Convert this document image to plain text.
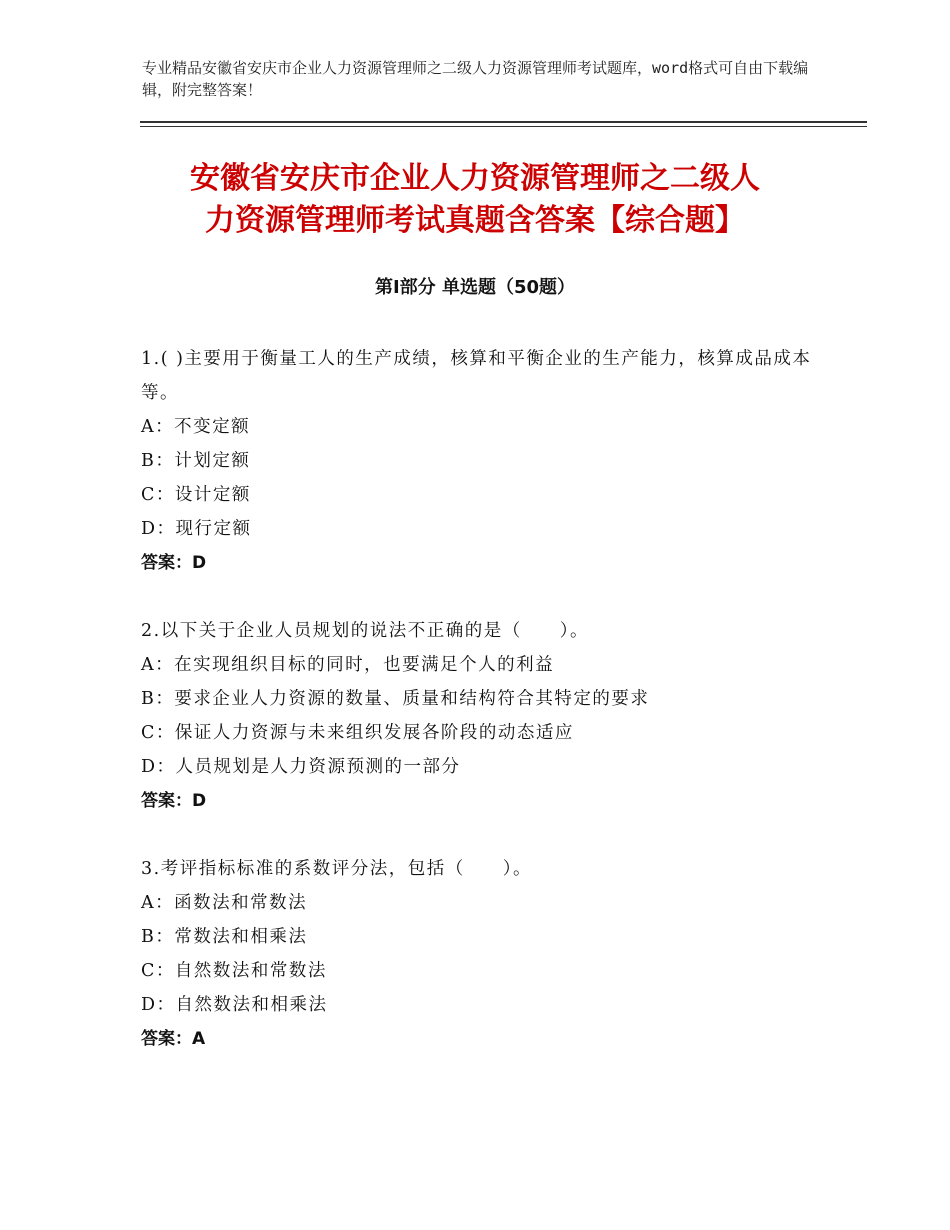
专业精品安徽省安庆市企业人力资源管理师之二级人力资源管理师考试题库，word格式可自由下载编辑，附完整答案！
安徽省安庆市企业人力资源管理师之二级人
力资源管理师考试真题含答案【综合题】
第Ⅰ部分 单选题（50题）
1.( )主要用于衡量工人的生产成绩，核算和平衡企业的生产能力，核算成品成本等。
A：不变定额
B：计划定额
C：设计定额
D：现行定额
答案：D
2.以下关于企业人员规划的说法不正确的是（　　）。
A：在实现组织目标的同时，也要满足个人的利益
B：要求企业人力资源的数量、质量和结构符合其特定的要求
C：保证人力资源与未来组织发展各阶段的动态适应
D：人员规划是人力资源预测的一部分
答案：D
3.考评指标标准的系数评分法，包括（　　）。
A：函数法和常数法
B：常数法和相乘法
C：自然数法和常数法
D：自然数法和相乘法
答案：A
